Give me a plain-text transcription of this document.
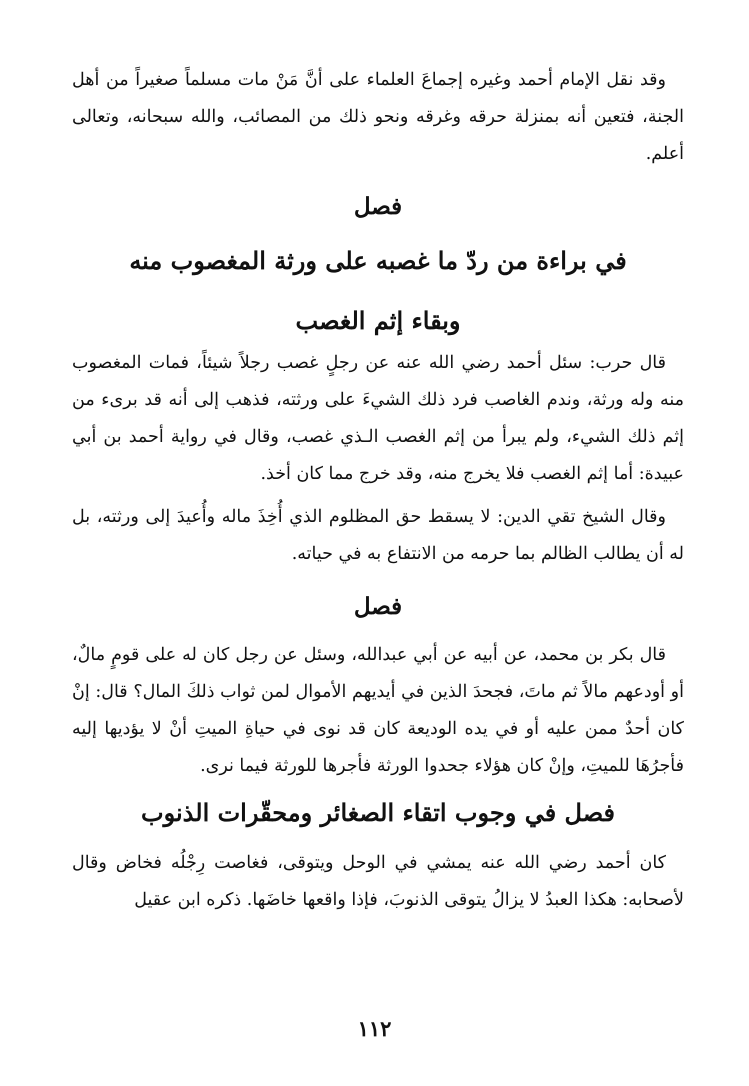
وقد نقل الإمام أحمد وغيره إجماعَ العلماء على أنَّ مَنْ مات مسلماً صغيراً من أهل الجنة، فتعين أنه بمنزلة حرقه وغرقه ونحو ذلك من المصائب، والله سبحانه، وتعالى أعلم.

فصل

في براءة من ردّ ما غصبه على ورثة المغصوب منه

وبقاء إثم الغصب

قال حرب: سئل أحمد رضي الله عنه عن رجلٍ غصب رجلاً شيئاً، فمات المغصوب منه وله ورثة، وندم الغاصب فرد ذلك الشيءَ على ورثته، فذهب إلى أنه قد برىء من إثم ذلك الشيء، ولم يبرأ من إثم الغصب الـذي غصب، وقال في رواية أحمد بن أبي عبيدة: أما إثم الغصب فلا يخرج منه، وقد خرج مما كان أخذ.

وقال الشيخ تقي الدين: لا يسقط حق المظلوم الذي أُخِذَ ماله وأُعيدَ إلى ورثته، بل له أن يطالب الظالم بما حرمه من الانتفاع به في حياته.

فصل

قال بكر بن محمد، عن أبيه عن أبي عبدالله، وسئل عن رجل كان له على قومٍ مالٌ، أو أودعهم مالاً ثم ماتَ، فجحدَ الذين في أيديهم الأموال لمن ثواب ذلكَ المال؟ قال: إنْ كان أحدٌ ممن عليه أو في يده الوديعة كان قد نوى في حياةِ الميتِ أنْ لا يؤديها إليه فأجرُهَا للميتِ، وإنْ كان هؤلاء جحدوا الورثة فأجرها للورثة فيما نرى.

فصل في وجوب اتقاء الصغائر ومحقّرات الذنوب

كان أحمد رضي الله عنه يمشي في الوحل ويتوقى، فغاصت رِجْلُه فخاض وقال لأصحابه: هكذا العبدُ لا يزالُ يتوقى الذنوبَ، فإذا واقعها خاضَها. ذكره ابن عقيل

١١٢
